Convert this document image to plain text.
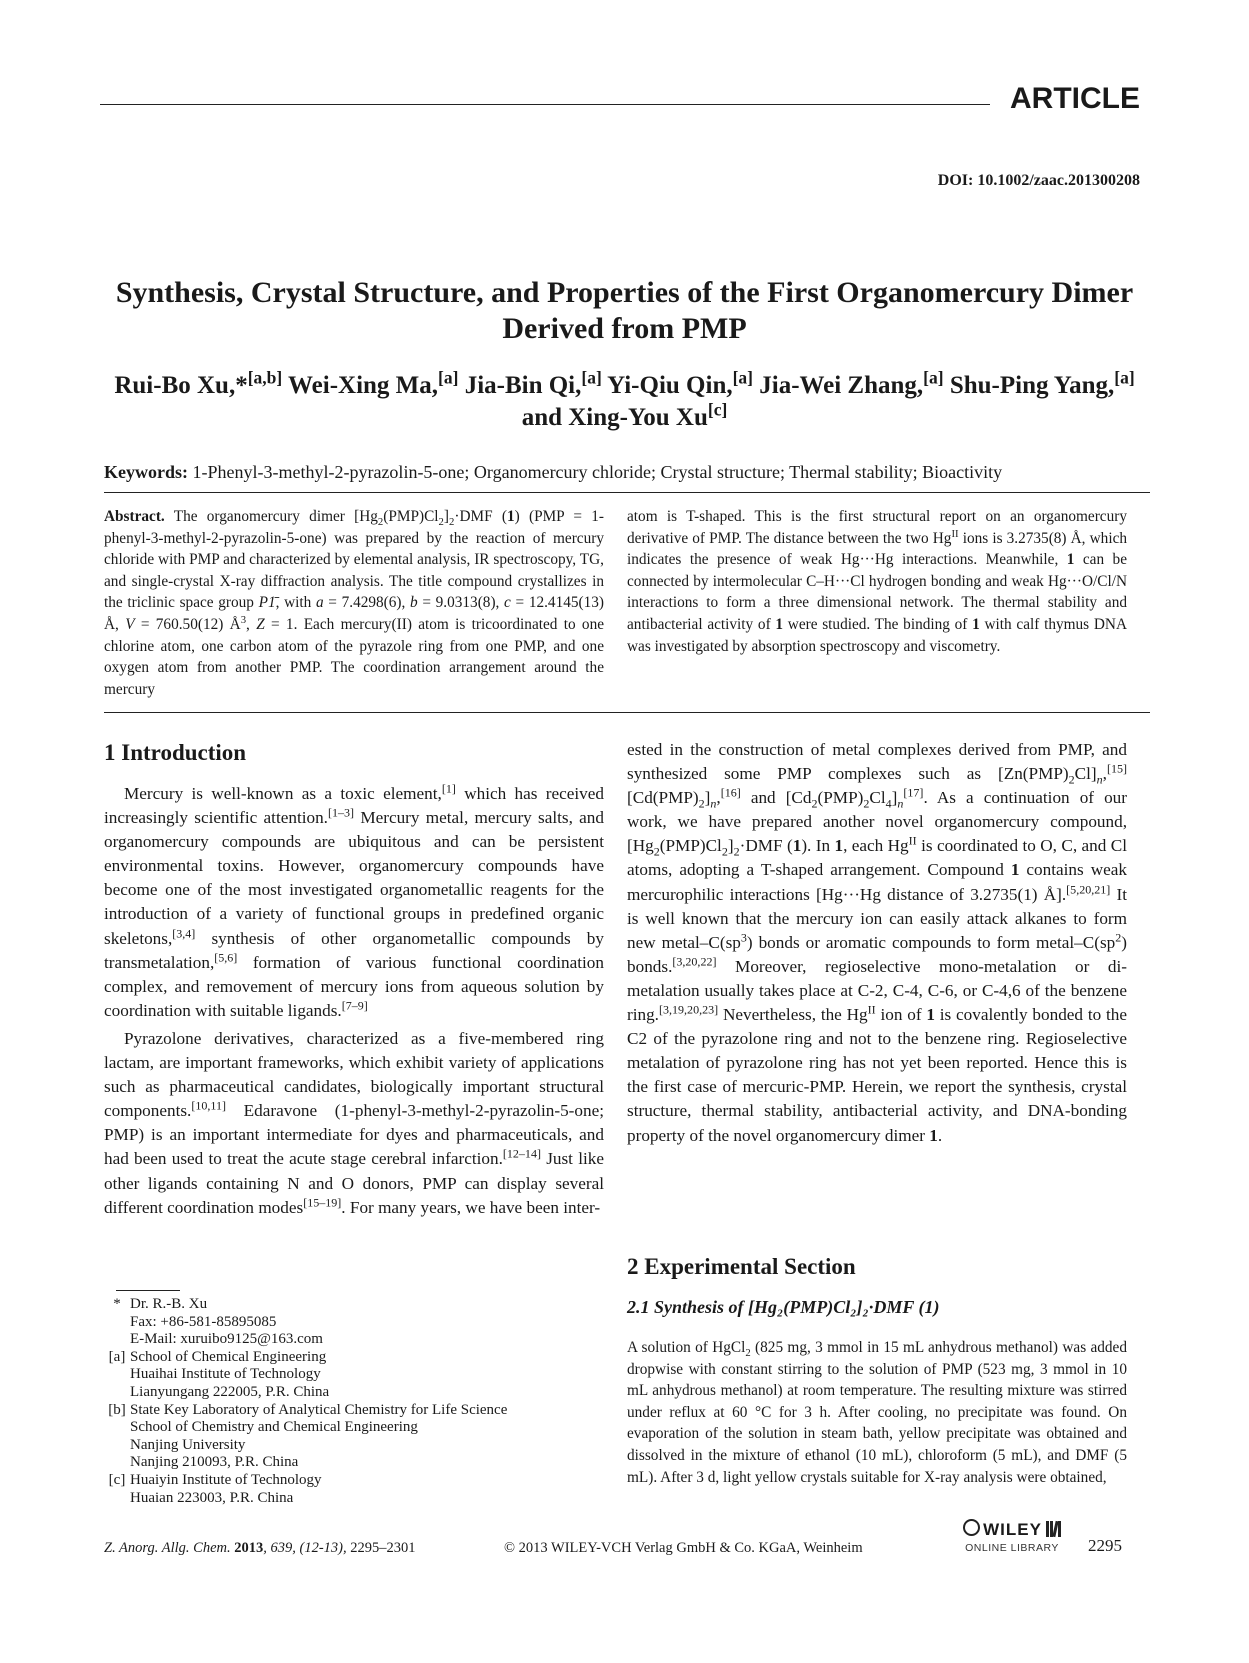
ARTICLE
DOI: 10.1002/zaac.201300208
Synthesis, Crystal Structure, and Properties of the First Organomercury Dimer Derived from PMP
Rui-Bo Xu,*[a,b] Wei-Xing Ma,[a] Jia-Bin Qi,[a] Yi-Qiu Qin,[a] Jia-Wei Zhang,[a] Shu-Ping Yang,[a] and Xing-You Xu[c]
Keywords: 1-Phenyl-3-methyl-2-pyrazolin-5-one; Organomercury chloride; Crystal structure; Thermal stability; Bioactivity
Abstract. The organomercury dimer $[Hg_2(PMP)Cl_2]_2\cdot DMF$ (1) (PMP = 1-phenyl-3-methyl-2-pyrazolin-5-one) was prepared by the reaction of mercury chloride with PMP and characterized by elemental analysis, IR spectroscopy, TG, and single-crystal X-ray diffraction analysis. The title compound crystallizes in the triclinic space group P1̄, with a = 7.4298(6), b = 9.0313(8), c = 12.4145(13) Å, V = 760.50(12) $Å^3$, Z = 1. Each mercury(II) atom is tricoordinated to one chlorine atom, one carbon atom of the pyrazole ring from one PMP, and one oxygen atom from another PMP. The coordination arrangement around the mercury
atom is T-shaped. This is the first structural report on an organomercury derivative of PMP. The distance between the two $Hg^{II}$ ions is 3.2735(8) Å, which indicates the presence of weak Hg···Hg interactions. Meanwhile, 1 can be connected by intermolecular C–H···Cl hydrogen bonding and weak Hg···O/Cl/N interactions to form a three dimensional network. The thermal stability and antibacterial activity of 1 were studied. The binding of 1 with calf thymus DNA was investigated by absorption spectroscopy and viscometry.
1 Introduction

Mercury is well-known as a toxic element,[1] which has received increasingly scientific attention.[1–3] Mercury metal, mercury salts, and organomercury compounds are ubiquitous and can be persistent environmental toxins. However, organomercury compounds have become one of the most investigated organometallic reagents for the introduction of a variety of functional groups in predefined organic skeletons,[3,4] synthesis of other organometallic compounds by transmetalation,[5,6] formation of various functional coordination complex, and removement of mercury ions from aqueous solution by coordination with suitable ligands.[7–9]

Pyrazolone derivatives, characterized as a five-membered ring lactam, are important frameworks, which exhibit variety of applications such as pharmaceutical candidates, biologically important structural components.[10,11] Edaravone (1-phenyl-3-methyl-2-pyrazolin-5-one; PMP) is an important intermediate for dyes and pharmaceuticals, and had been used to treat the acute stage cerebral infarction.[12–14] Just like other ligands containing N and O donors, PMP can display several different coordination modes[15–19]. For many years, we have been inter-

ested in the construction of metal complexes derived from PMP, and synthesized some PMP complexes such as $[Zn(PMP)_2Cl]_n,[15]$ $[Cd(PMP)_2]_n,[16]$ and $[Cd_2(PMP)_2Cl_4]_n[17]$. As a continuation of our work, we have prepared another novel organomercury compound, $[Hg_2(PMP)Cl_2]_2\cdot DMF$ (1). In 1, each $Hg^{II}$ is coordinated to O, C, and Cl atoms, adopting a T-shaped arrangement. Compound 1 contains weak mercurophilic interactions [Hg···Hg distance of 3.2735(1) Å].[5,20,21] It is well known that the mercury ion can easily attack alkanes to form new metal–$C(sp^3)$ bonds or aromatic compounds to form metal–$C(sp^2)$ bonds.[3,20,22] Moreover, regioselective mono-metalation or di-metalation usually takes place at C-2, C-4, C-6, or C-4,6 of the benzene ring.[3,19,20,23] Nevertheless, the $Hg^{II}$ ion of 1 is covalently bonded to the C2 of the pyrazolone ring and not to the benzene ring. Regioselective metalation of pyrazolone ring has not yet been reported. Hence this is the first case of mercuric-PMP. Herein, we report the synthesis, crystal structure, thermal stability, antibacterial activity, and DNA-bonding property of the novel organomercury dimer 1.

2 Experimental Section
2.1 Synthesis of [Hg₂(PMP)Cl₂]₂·DMF (1)
A solution of HgCl$_2$ (825 mg, 3 mmol in 15 mL anhydrous methanol) was added dropwise with constant stirring to the solution of PMP (523 mg, 3 mmol in 10 mL anhydrous methanol) at room temperature. The resulting mixture was stirred under reflux at 60 °C for 3 h. After cooling, no precipitate was found. On evaporation of the solution in steam bath, yellow precipitate was obtained and dissolved in the mixture of ethanol (10 mL), chloroform (5 mL), and DMF (5 mL). After 3 d, light yellow crystals suitable for X-ray analysis were obtained,
* Dr. R.-B. Xu
Fax: +86-581-85895085
E-Mail: xuruibo9125@163.com
[a] School of Chemical Engineering
Huaihai Institute of Technology
Lianyungang 222005, P.R. China
[b] State Key Laboratory of Analytical Chemistry for Life Science
School of Chemistry and Chemical Engineering
Nanjing University
Nanjing 210093, P.R. China
[c] Huaiyin Institute of Technology
Huaian 223003, P.R. China
Z. Anorg. Allg. Chem. 2013, 639, (12-13), 2295–2301	© 2013 WILEY-VCH Verlag GmbH & Co. KGaA, Weinheim
WILEY
ONLINE LIBRARY	2295
